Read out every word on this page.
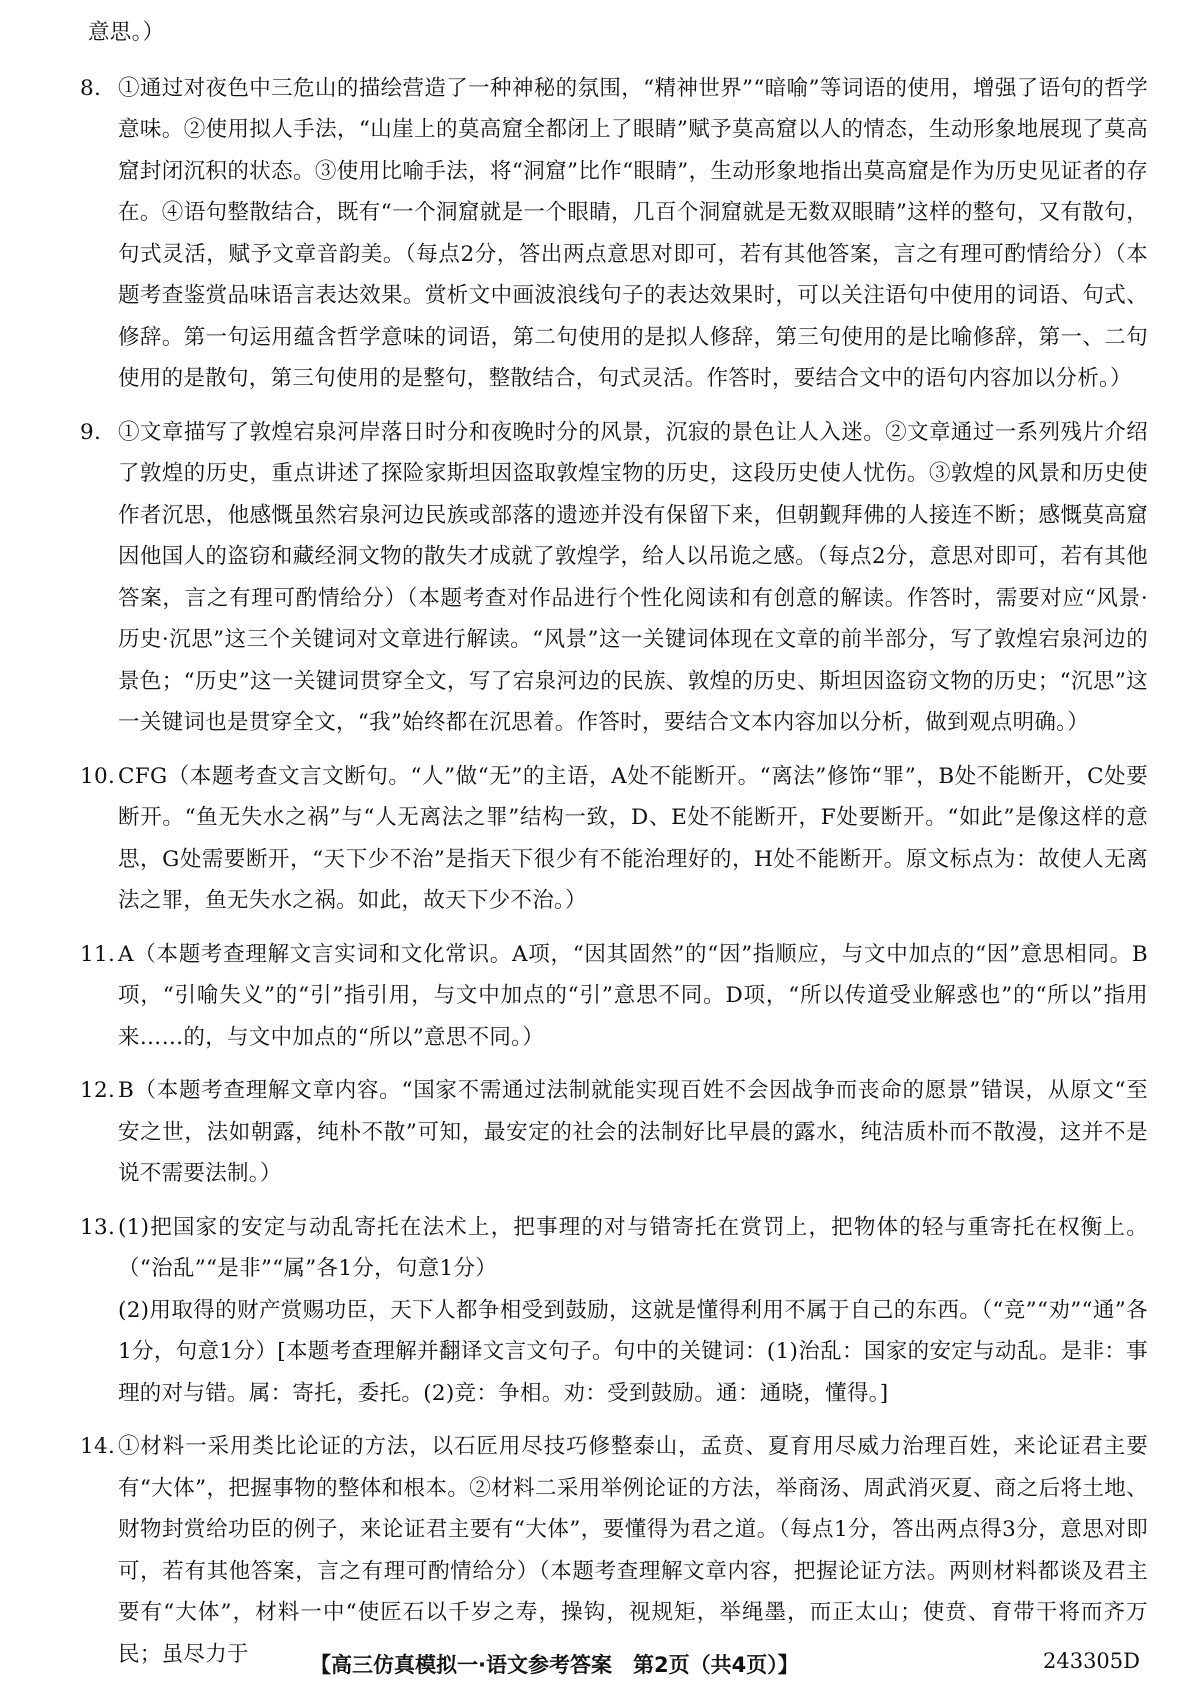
意思。）

8. ①通过对夜色中三危山的描绘营造了一种神秘的氛围，“精神世界”“暗喻”等词语的使用，增强了语句的哲学意味。②使用拟人手法，“山崖上的莫高窟全都闭上了眼睛”赋予莫高窟以人的情态，生动形象地展现了莫高窟封闭沉积的状态。③使用比喻手法，将“洞窟”比作“眼睛”，生动形象地指出莫高窟是作为历史见证者的存在。④语句整散结合，既有“一个洞窟就是一个眼睛，几百个洞窟就是无数双眼睛”这样的整句，又有散句，句式灵活，赋予文章音韵美。（每点2分，答出两点意思对即可，若有其他答案，言之有理可酌情给分）（本题考查鉴赏品味语言表达效果。赏析文中画波浪线句子的表达效果时，可以关注语句中使用的词语、句式、修辞。第一句运用蕴含哲学意味的词语，第二句使用的是拟人修辞，第三句使用的是比喻修辞，第一、二句使用的是散句，第三句使用的是整句，整散结合，句式灵活。作答时，要结合文中的语句内容加以分析。）

9. ①文章描写了敦煌宕泉河岸落日时分和夜晚时分的风景，沉寂的景色让人入迷。②文章通过一系列残片介绍了敦煌的历史，重点讲述了探险家斯坦因盗取敦煌宝物的历史，这段历史使人忧伤。③敦煌的风景和历史使作者沉思，他感慨虽然宕泉河边民族或部落的遗迹并没有保留下来，但朝觐拜佛的人接连不断；感慨莫高窟因他国人的盗窃和藏经洞文物的散失才成就了敦煌学，给人以吊诡之感。（每点2分，意思对即可，若有其他答案，言之有理可酌情给分）（本题考查对作品进行个性化阅读和有创意的解读。作答时，需要对应“风景·历史·沉思”这三个关键词对文章进行解读。“风景”这一关键词体现在文章的前半部分，写了敦煌宕泉河边的景色；“历史”这一关键词贯穿全文，写了宕泉河边的民族、敦煌的历史、斯坦因盗窃文物的历史；“沉思”这一关键词也是贯穿全文，“我”始终都在沉思着。作答时，要结合文本内容加以分析，做到观点明确。）

10. CFG（本题考查文言文断句。“人”做“无”的主语，A处不能断开。“离法”修饰“罪”，B处不能断开，C处要断开。“鱼无失水之祸”与“人无离法之罪”结构一致，D、E处不能断开，F处要断开。“如此”是像这样的意思，G处需要断开，“天下少不治”是指天下很少有不能治理好的，H处不能断开。原文标点为：故使人无离法之罪，鱼无失水之祸。如此，故天下少不治。）

11. A（本题考查理解文言实词和文化常识。A项，“因其固然”的“因”指顺应，与文中加点的“因”意思相同。B项，“引喻失义”的“引”指引用，与文中加点的“引”意思不同。D项，“所以传道受业解惑也”的“所以”指用来……的，与文中加点的“所以”意思不同。）

12. B（本题考查理解文章内容。“国家不需通过法制就能实现百姓不会因战争而丧命的愿景”错误，从原文“至安之世，法如朝露，纯朴不散”可知，最安定的社会的法制好比早晨的露水，纯洁质朴而不散漫，这并不是说不需要法制。）

13. (1)把国家的安定与动乱寄托在法术上，把事理的对与错寄托在赏罚上，把物体的轻与重寄托在权衡上。（“治乱”“是非”“属”各1分，句意1分）
(2)用取得的财产赏赐功臣，天下人都争相受到鼓励，这就是懂得利用不属于自己的东西。（“竞”“劝”“通”各1分，句意1分）[本题考查理解并翻译文言文句子。句中的关键词：(1)治乱：国家的安定与动乱。是非：事理的对与错。属：寄托，委托。(2)竞：争相。劝：受到鼓励。通：通晓，懂得。]

14. ①材料一采用类比论证的方法，以石匠用尽技巧修整泰山，孟贲、夏育用尽威力治理百姓，来论证君主要有“大体”，把握事物的整体和根本。②材料二采用举例论证的方法，举商汤、周武消灭夏、商之后将土地、财物封赏给功臣的例子，来论证君主要有“大体”，要懂得为君之道。（每点1分，答出两点得3分，意思对即可，若有其他答案，言之有理可酌情给分）（本题考查理解文章内容，把握论证方法。两则材料都谈及君主要有“大体”，材料一中“使匠石以千岁之寿，操钩，视规矩，举绳墨，而正太山；使贲、育带干将而齐万民；虽尽力于	【高三仿真模拟一·语文参考答案　第2页（共4页）】	243305D
